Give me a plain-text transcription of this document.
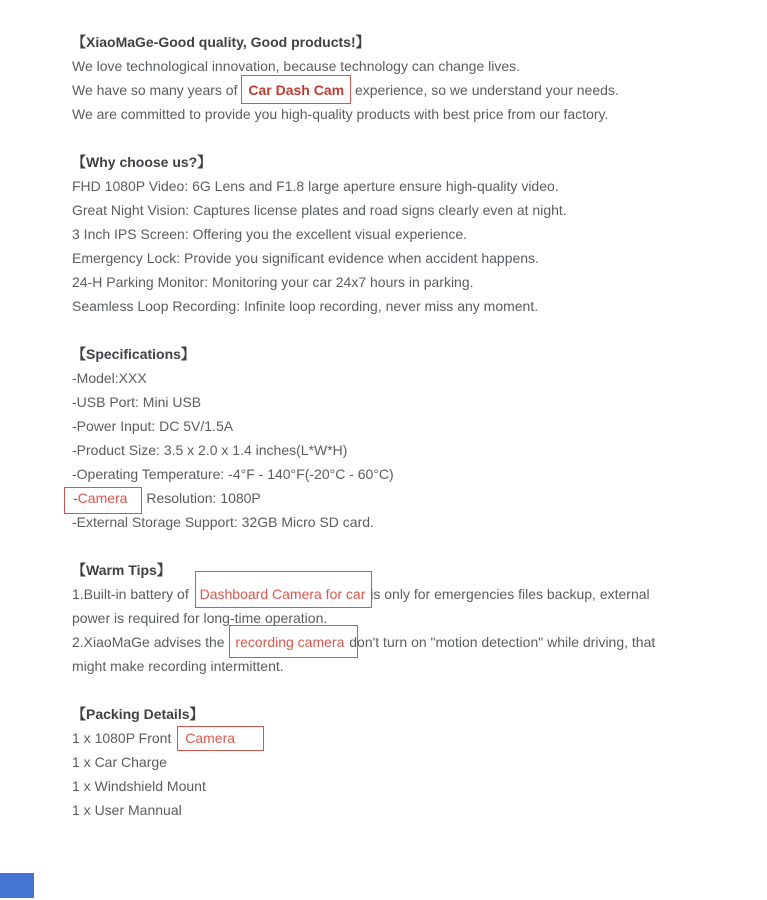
【XiaoMaGe-Good quality, Good products!】
We love technological innovation, because technology can change lives.
We have so many years of Car Dash Cam experience, so we understand your needs.
We are committed to provide you high-quality products with best price from our factory.
【Why choose us?】
FHD 1080P Video: 6G Lens and F1.8 large aperture ensure high-quality video.
Great Night Vision: Captures license plates and road signs clearly even at night.
3 Inch IPS Screen: Offering you the excellent visual experience.
Emergency Lock: Provide you significant evidence when accident happens.
24-H Parking Monitor: Monitoring your car 24x7 hours in parking.
Seamless Loop Recording: Infinite loop recording, never miss any moment.
【Specifications】
-Model:XXX
-USB Port: Mini USB
-Power Input: DC 5V/1.5A
-Product Size: 3.5 x 2.0 x 1.4 inches(L*W*H)
-Operating Temperature: -4°F - 140°F(-20°C - 60°C)
-Camera Resolution: 1080P
-External Storage Support: 32GB Micro SD card.
【Warm Tips】
1.Built-in battery of Dashboard Camera for car is only for emergencies files backup, external
power is required for long-time operation.
2.XiaoMaGe advises the recording camera don't turn on "motion detection" while driving, that
might make recording intermittent.
【Packing Details】
1 x 1080P Front Camera
1 x Car Charge
1 x Windshield Mount
1 x User Mannual
